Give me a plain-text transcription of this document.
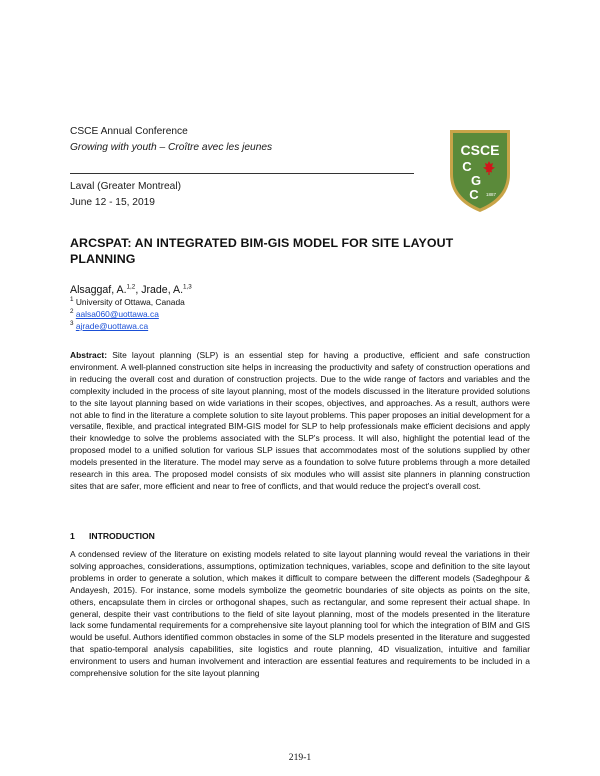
CSCE Annual Conference
Growing with youth – Croître avec les jeunes
Laval (Greater Montreal)
June 12 - 15, 2019
CSCE
C
G
C 1887
ARCSPAT: AN INTEGRATED BIM-GIS MODEL FOR SITE LAYOUT
PLANNING
Alsaggaf, A.$^{1,2}$, Jrade, A.$^{1,3}$
$^1$ University of Ottawa, Canada
$^2$ aalsa060@uottawa.ca
$^3$ ajrade@uottawa.ca
Abstract: Site layout planning (SLP) is an essential step for having a productive, efficient and safe construction environment. A well-planned construction site helps in increasing the productivity and safety of construction operations and in reducing the overall cost and duration of construction projects. Due to the wide range of factors and variables and the complexity included in the process of site layout planning, most of the models discussed in the literature provided solutions to the site layout planning based on wide variations in their scopes, objectives, and approaches. As a result, authors were not able to find in the literature a complete solution to site layout problems. This paper proposes an initial development for a versatile, flexible, and practical integrated BIM-GIS model for SLP to help professionals make efficient decisions and apply their knowledge to solve the problems associated with the SLP's process. It will also, highlight the potential lead of the proposed model to a unified solution for various SLP issues that accommodates most of the solutions supplied by other models presented in the literature. The model may serve as a foundation to solve future problems through a more detailed research in this area. The proposed model consists of six modules who will assist site planners in planning construction sites that are safer, more efficient and near to free of conflicts, and that would reduce the project's overall cost.
1 INTRODUCTION
A condensed review of the literature on existing models related to site layout planning would reveal the variations in their solving approaches, considerations, assumptions, optimization techniques, variables, scope and definition to the site layout problems in order to generate a solution, which makes it difficult to compare between the different models (Sadeghpour & Andayesh, 2015). For instance, some models symbolize the geometric boundaries of site objects as points on the site, others, encapsulate them in circles or orthogonal shapes, such as rectangular, and some represent their actual shape. In general, despite their vast contributions to the field of site layout planning, most of the models presented in the literature lack some fundamental requirements for a comprehensive site layout planning tool for which the integration of BIM and GIS would be useful. Authors identified common obstacles in some of the SLP models presented in the literature and suggested that spatio-temporal analysis capabilities, site logistics and route planning, 4D visualization, intuitive and familiar environment to users and human involvement and interaction are essential features and requirements to be included in a comprehensive solution for the site layout planning
219-1
